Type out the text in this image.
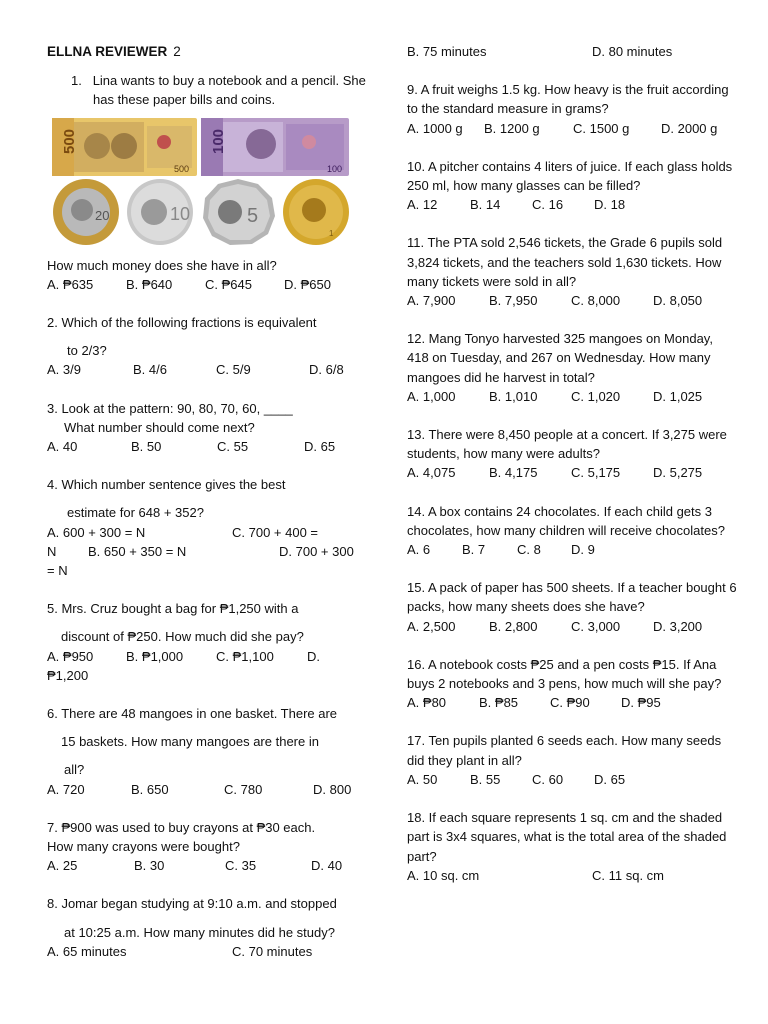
ELLNA REVIEWER 2
1. Lina wants to buy a notebook and a pencil. She has these paper bills and coins.
500
500
100
100
20	10	5
1
How much money does she have in all?
A. ₱635	B. ₱640	C. ₱645	D. ₱650
2. Which of the following fractions is equivalent
to 2/3?
A. 3/9	B. 4/6	C. 5/9	D. 6/8
3. Look at the pattern: 90, 80, 70, 60, ____
What number should come next?
A. 40	B. 50	C. 55	D. 65
4. Which number sentence gives the best
estimate for 648 + 352?
A. 600 + 300 = N	C. 700 + 400 =
N	B. 650 + 350 = N	D. 700 + 300
= N
5. Mrs. Cruz bought a bag for ₱1,250 with a
discount of ₱250. How much did she pay?
A. ₱950	B. ₱1,000	C. ₱1,100	D.
₱1,200
6. There are 48 mangoes in one basket. There are
15 baskets. How many mangoes are there in
all?
A. 720	B. 650	C. 780	D. 800
7. ₱900 was used to buy crayons at ₱30 each.
How many crayons were bought?
A. 25	B. 30	C. 35	D. 40
8. Jomar began studying at 9:10 a.m. and stopped
at 10:25 a.m. How many minutes did he study?
A. 65 minutes	C. 70 minutes
B. 75 minutes	D. 80 minutes
9. A fruit weighs 1.5 kg. How heavy is the fruit according to the standard measure in grams?
A. 1000 g	B. 1200 g	C. 1500 g	D. 2000 g
10. A pitcher contains 4 liters of juice. If each glass holds 250 ml, how many glasses can be filled?
A. 12	B. 14	C. 16	D. 18
11. The PTA sold 2,546 tickets, the Grade 6 pupils sold 3,824 tickets, and the teachers sold 1,630 tickets. How many tickets were sold in all?
A. 7,900	B. 7,950	C. 8,000	D. 8,050
12. Mang Tonyo harvested 325 mangoes on Monday, 418 on Tuesday, and 267 on Wednesday. How many mangoes did he harvest in total?
A. 1,000	B. 1,010	C. 1,020	D. 1,025
13. There were 8,450 people at a concert. If 3,275 were students, how many were adults?
A. 4,075	B. 4,175	C. 5,175	D. 5,275
14. A box contains 24 chocolates. If each child gets 3 chocolates, how many children will receive chocolates?
A. 6	B. 7	C. 8	D. 9
15. A pack of paper has 500 sheets. If a teacher bought 6 packs, how many sheets does she have?
A. 2,500	B. 2,800	C. 3,000	D. 3,200
16. A notebook costs ₱25 and a pen costs ₱15. If Ana buys 2 notebooks and 3 pens, how much will she pay?
A. ₱80	B. ₱85	C. ₱90	D. ₱95
17. Ten pupils planted 6 seeds each. How many seeds did they plant in all?
A. 50	B. 55	C. 60	D. 65
18. If each square represents 1 sq. cm and the shaded part is 3x4 squares, what is the total area of the shaded part?
A. 10 sq. cm	C. 11 sq. cm
